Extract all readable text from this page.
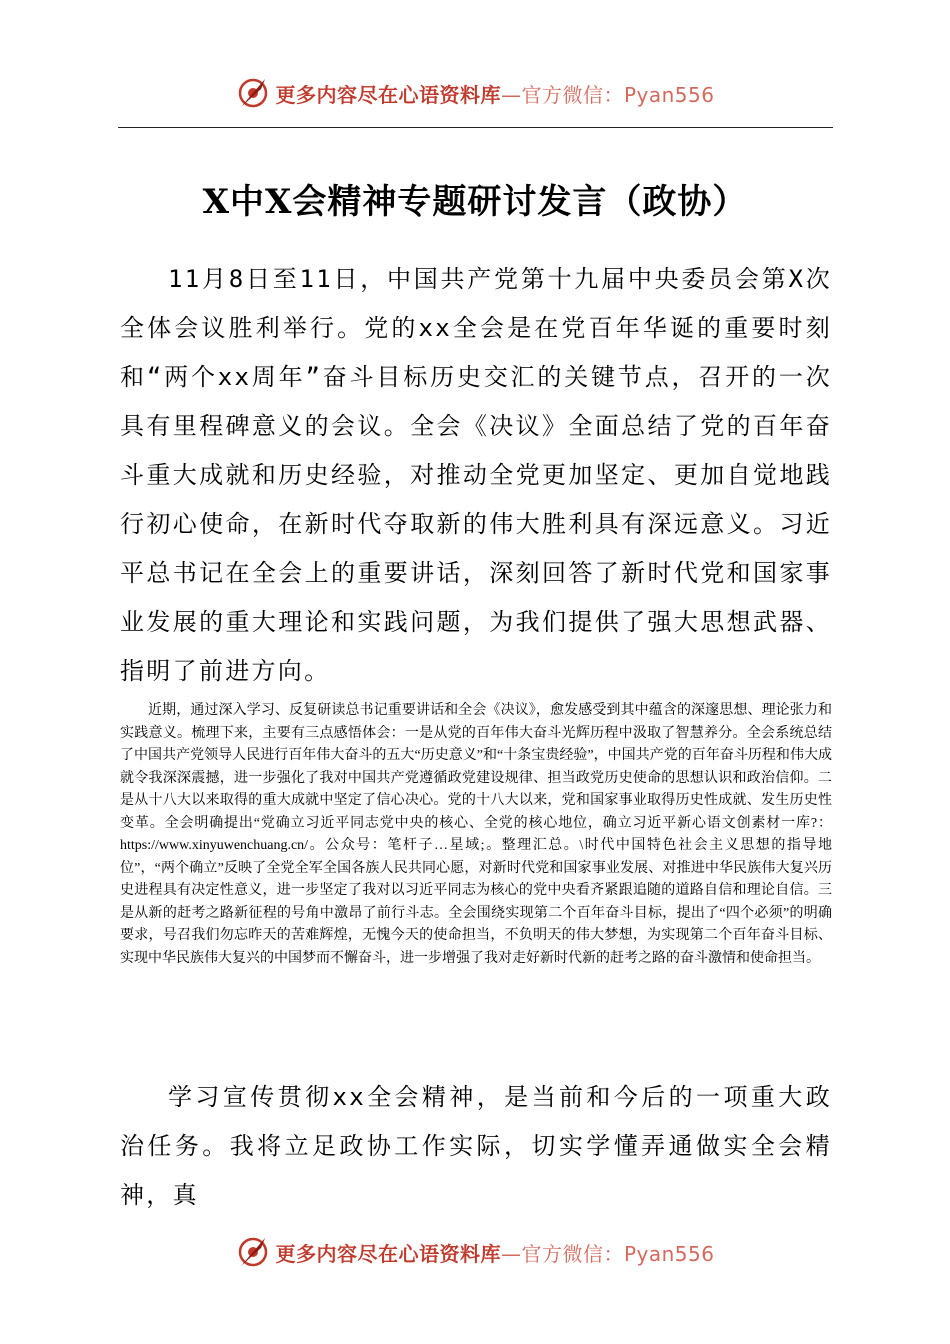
更多内容尽在心语资料库—官方微信：Pyan556
X中X会精神专题研讨发言（政协）
11月8日至11日，中国共产党第十九届中央委员会第X次全体会议胜利举行。党的xx全会是在党百年华诞的重要时刻和“两个xx周年”奋斗目标历史交汇的关键节点，召开的一次具有里程碑意义的会议。全会《决议》全面总结了党的百年奋斗重大成就和历史经验，对推动全党更加坚定、更加自觉地践行初心使命，在新时代夺取新的伟大胜利具有深远意义。习近平总书记在全会上的重要讲话，深刻回答了新时代党和国家事业发展的重大理论和实践问题，为我们提供了强大思想武器、指明了前进方向。
近期，通过深入学习、反复研读总书记重要讲话和全会《决议》，愈发感受到其中蕴含的深邃思想、理论张力和实践意义。梳理下来，主要有三点感悟体会：一是从党的百年伟大奋斗光辉历程中汲取了智慧养分。全会系统总结了中国共产党领导人民进行百年伟大奋斗的五大“历史意义”和“十条宝贵经验”，中国共产党的百年奋斗历程和伟大成就令我深深震撼，进一步强化了我对中国共产党遵循政党建设规律、担当政党历史使命的思想认识和政治信仰。二是从十八大以来取得的重大成就中坚定了信心决心。党的十八大以来，党和国家事业取得历史性成就、发生历史性变革。全会明确提出“党确立习近平同志党中央的核心、全党的核心地位，确立习近平新心语文创素材一库?：https://www.xinyuwenchuang.cn/。公众号：笔杆子…星域;。整理汇总。\时代中国特色社会主义思想的指导地位”，“两个确立”反映了全党全军全国各族人民共同心愿，对新时代党和国家事业发展、对推进中华民族伟大复兴历史进程具有决定性意义，进一步坚定了我对以习近平同志为核心的党中央看齐紧跟追随的道路自信和理论自信。三是从新的赶考之路新征程的号角中激昂了前行斗志。全会围绕实现第二个百年奋斗目标，提出了“四个必须”的明确要求，号召我们勿忘昨天的苦难辉煌，无愧今天的使命担当，不负明天的伟大梦想，为实现第二个百年奋斗目标、实现中华民族伟大复兴的中国梦而不懈奋斗，进一步增强了我对走好新时代新的赶考之路的奋斗激情和使命担当。
学习宣传贯彻xx全会精神，是当前和今后的一项重大政治任务。我将立足政协工作实际，切实学懂弄通做实全会精神，真
更多内容尽在心语资料库—官方微信：Pyan556
